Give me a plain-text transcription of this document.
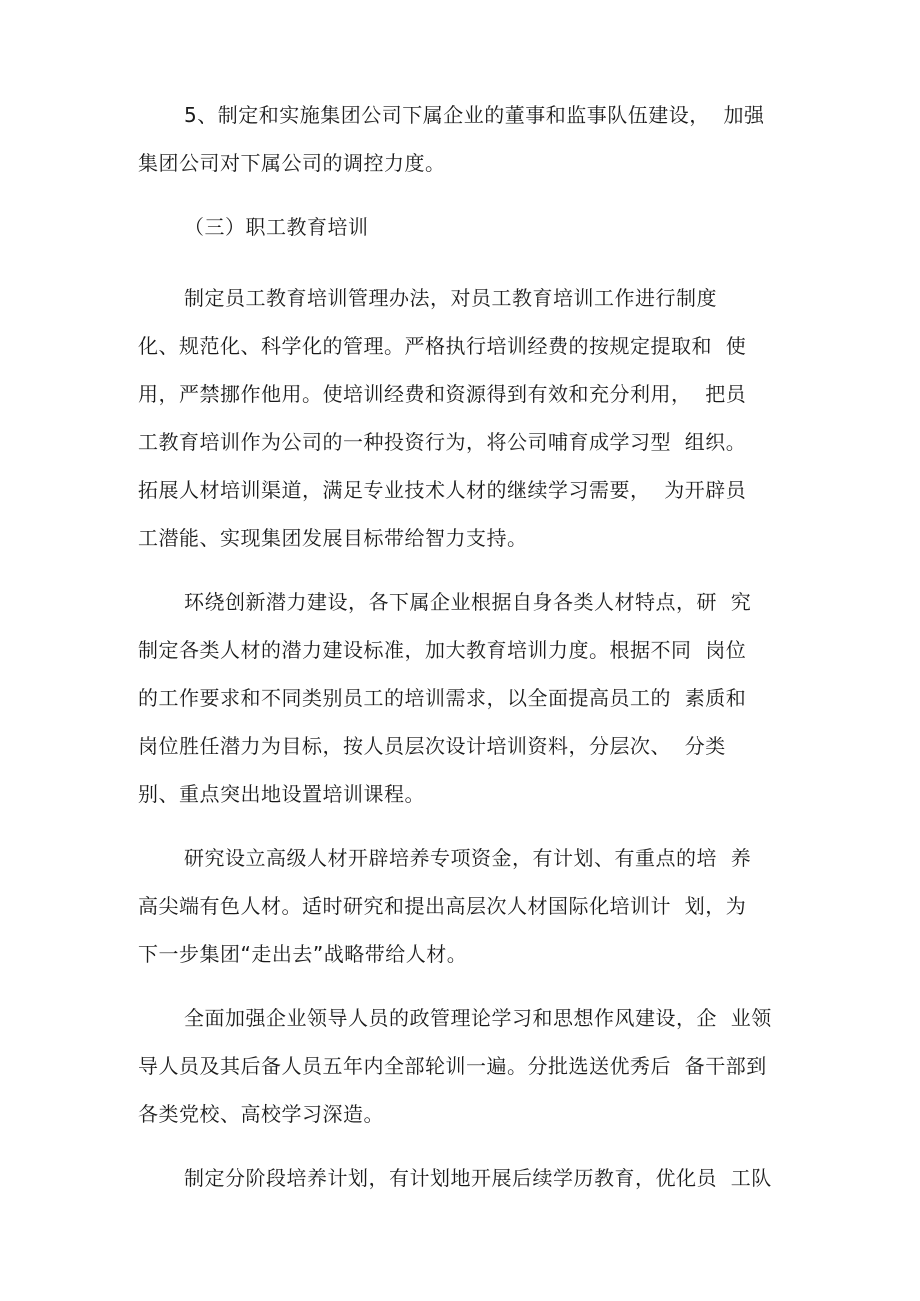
5、制定和实施集团公司下属企业的董事和监事队伍建设，  加强
集团公司对下属公司的调控力度。
（三）职工教育培训
制定员工教育培训管理办法，对员工教育培训工作进行制度
化、规范化、科学化的管理。严格执行培训经费的按规定提取和  使
用，严禁挪作他用。使培训经费和资源得到有效和充分利用，  把员
工教育培训作为公司的一种投资行为，将公司哺育成学习型  组织。
拓展人材培训渠道，满足专业技术人材的继续学习需要，  为开辟员
工潜能、实现集团发展目标带给智力支持。
环绕创新潜力建设，各下属企业根据自身各类人材特点，研  究
制定各类人材的潜力建设标准，加大教育培训力度。根据不同  岗位
的工作要求和不同类别员工的培训需求，以全面提高员工的  素质和
岗位胜任潜力为目标，按人员层次设计培训资料，分层次、  分类
别、重点突出地设置培训课程。
研究设立高级人材开辟培养专项资金，有计划、有重点的培  养
高尖端有色人材。适时研究和提出高层次人材国际化培训计  划，为
下一步集团“走出去”战略带给人材。
全面加强企业领导人员的政管理论学习和思想作风建设，企  业领
导人员及其后备人员五年内全部轮训一遍。分批选送优秀后  备干部到
各类党校、高校学习深造。
制定分阶段培养计划，有计划地开展后续学历教育，优化员  工队
